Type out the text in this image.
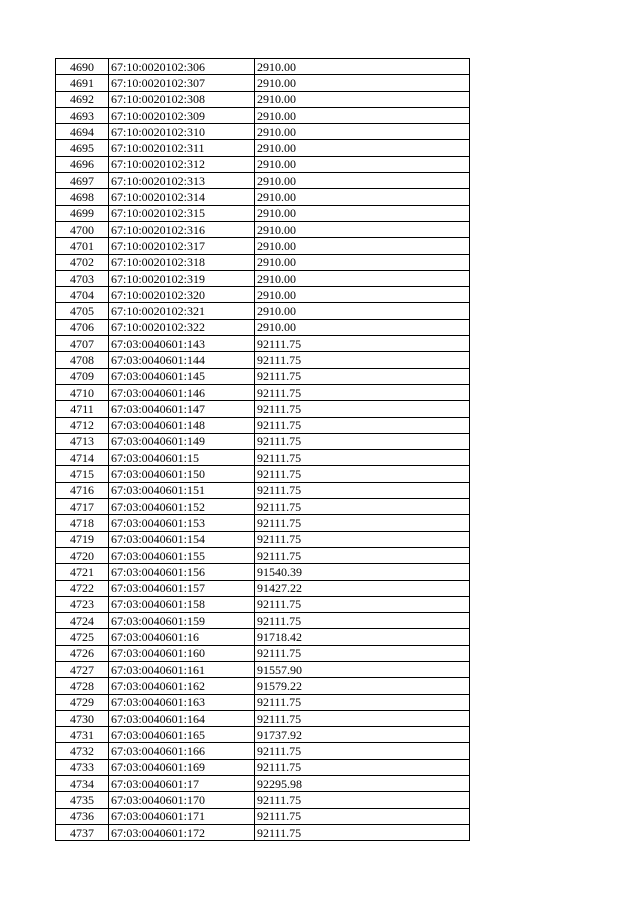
4690	67:10:0020102:306	2910.00
4691	67:10:0020102:307	2910.00
4692	67:10:0020102:308	2910.00
4693	67:10:0020102:309	2910.00
4694	67:10:0020102:310	2910.00
4695	67:10:0020102:311	2910.00
4696	67:10:0020102:312	2910.00
4697	67:10:0020102:313	2910.00
4698	67:10:0020102:314	2910.00
4699	67:10:0020102:315	2910.00
4700	67:10:0020102:316	2910.00
4701	67:10:0020102:317	2910.00
4702	67:10:0020102:318	2910.00
4703	67:10:0020102:319	2910.00
4704	67:10:0020102:320	2910.00
4705	67:10:0020102:321	2910.00
4706	67:10:0020102:322	2910.00
4707	67:03:0040601:143	92111.75
4708	67:03:0040601:144	92111.75
4709	67:03:0040601:145	92111.75
4710	67:03:0040601:146	92111.75
4711	67:03:0040601:147	92111.75
4712	67:03:0040601:148	92111.75
4713	67:03:0040601:149	92111.75
4714	67:03:0040601:15	92111.75
4715	67:03:0040601:150	92111.75
4716	67:03:0040601:151	92111.75
4717	67:03:0040601:152	92111.75
4718	67:03:0040601:153	92111.75
4719	67:03:0040601:154	92111.75
4720	67:03:0040601:155	92111.75
4721	67:03:0040601:156	91540.39
4722	67:03:0040601:157	91427.22
4723	67:03:0040601:158	92111.75
4724	67:03:0040601:159	92111.75
4725	67:03:0040601:16	91718.42
4726	67:03:0040601:160	92111.75
4727	67:03:0040601:161	91557.90
4728	67:03:0040601:162	91579.22
4729	67:03:0040601:163	92111.75
4730	67:03:0040601:164	92111.75
4731	67:03:0040601:165	91737.92
4732	67:03:0040601:166	92111.75
4733	67:03:0040601:169	92111.75
4734	67:03:0040601:17	92295.98
4735	67:03:0040601:170	92111.75
4736	67:03:0040601:171	92111.75
4737	67:03:0040601:172	92111.75
